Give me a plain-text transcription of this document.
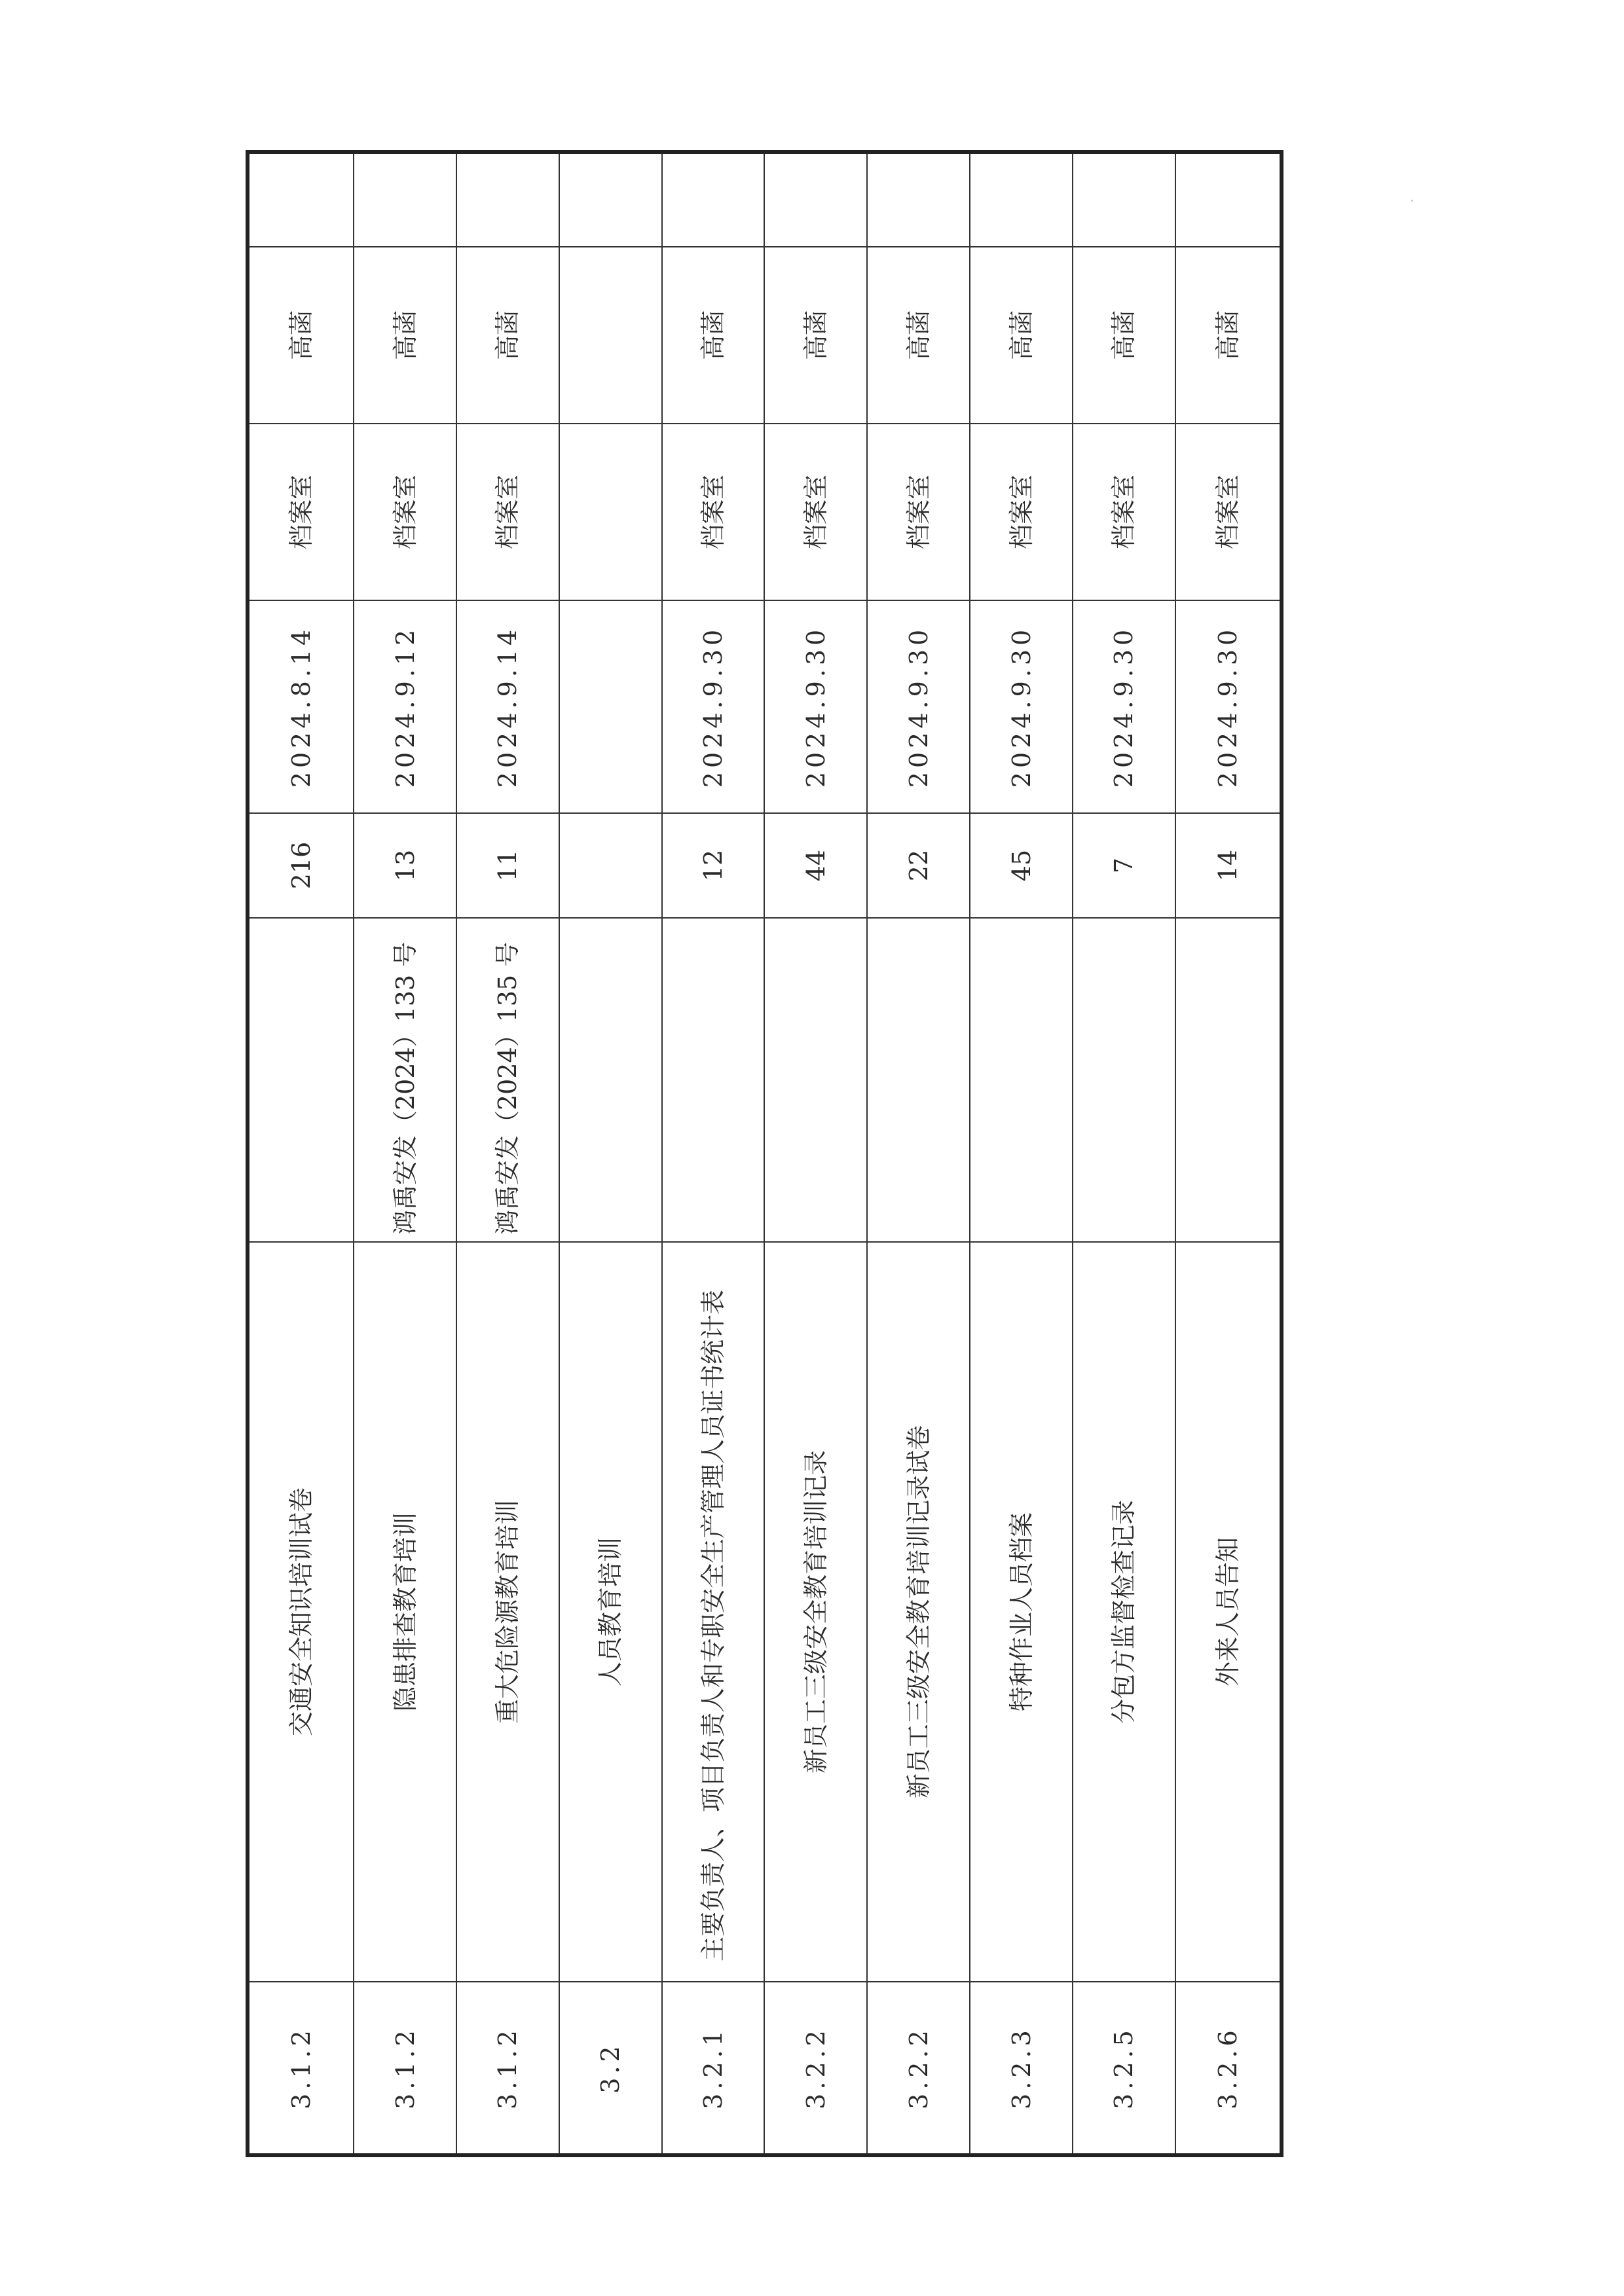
3.1.2	交通安全知识培训试卷		216	2024.8.14	档案室	高菡	
3.1.2	隐患排查教育培训	鸿禹安发（2024）133 号	13	2024.9.12	档案室	高菡	
3.1.2	重大危险源教育培训	鸿禹安发（2024）135 号	11	2024.9.14	档案室	高菡	
3.2	人员教育培训						
3.2.1	主要负责人、项目负责人和专职安全生产管理人员证书统计表		12	2024.9.30	档案室	高菡	
3.2.2	新员工三级安全教育培训记录		44	2024.9.30	档案室	高菡	
3.2.2	新员工三级安全教育培训记录试卷		22	2024.9.30	档案室	高菡	
3.2.3	特种作业人员档案		45	2024.9.30	档案室	高菡	
3.2.5	分包方监督检查记录		7	2024.9.30	档案室	高菡	
3.2.6	外来人员告知		14	2024.9.30	档案室	高菡	
